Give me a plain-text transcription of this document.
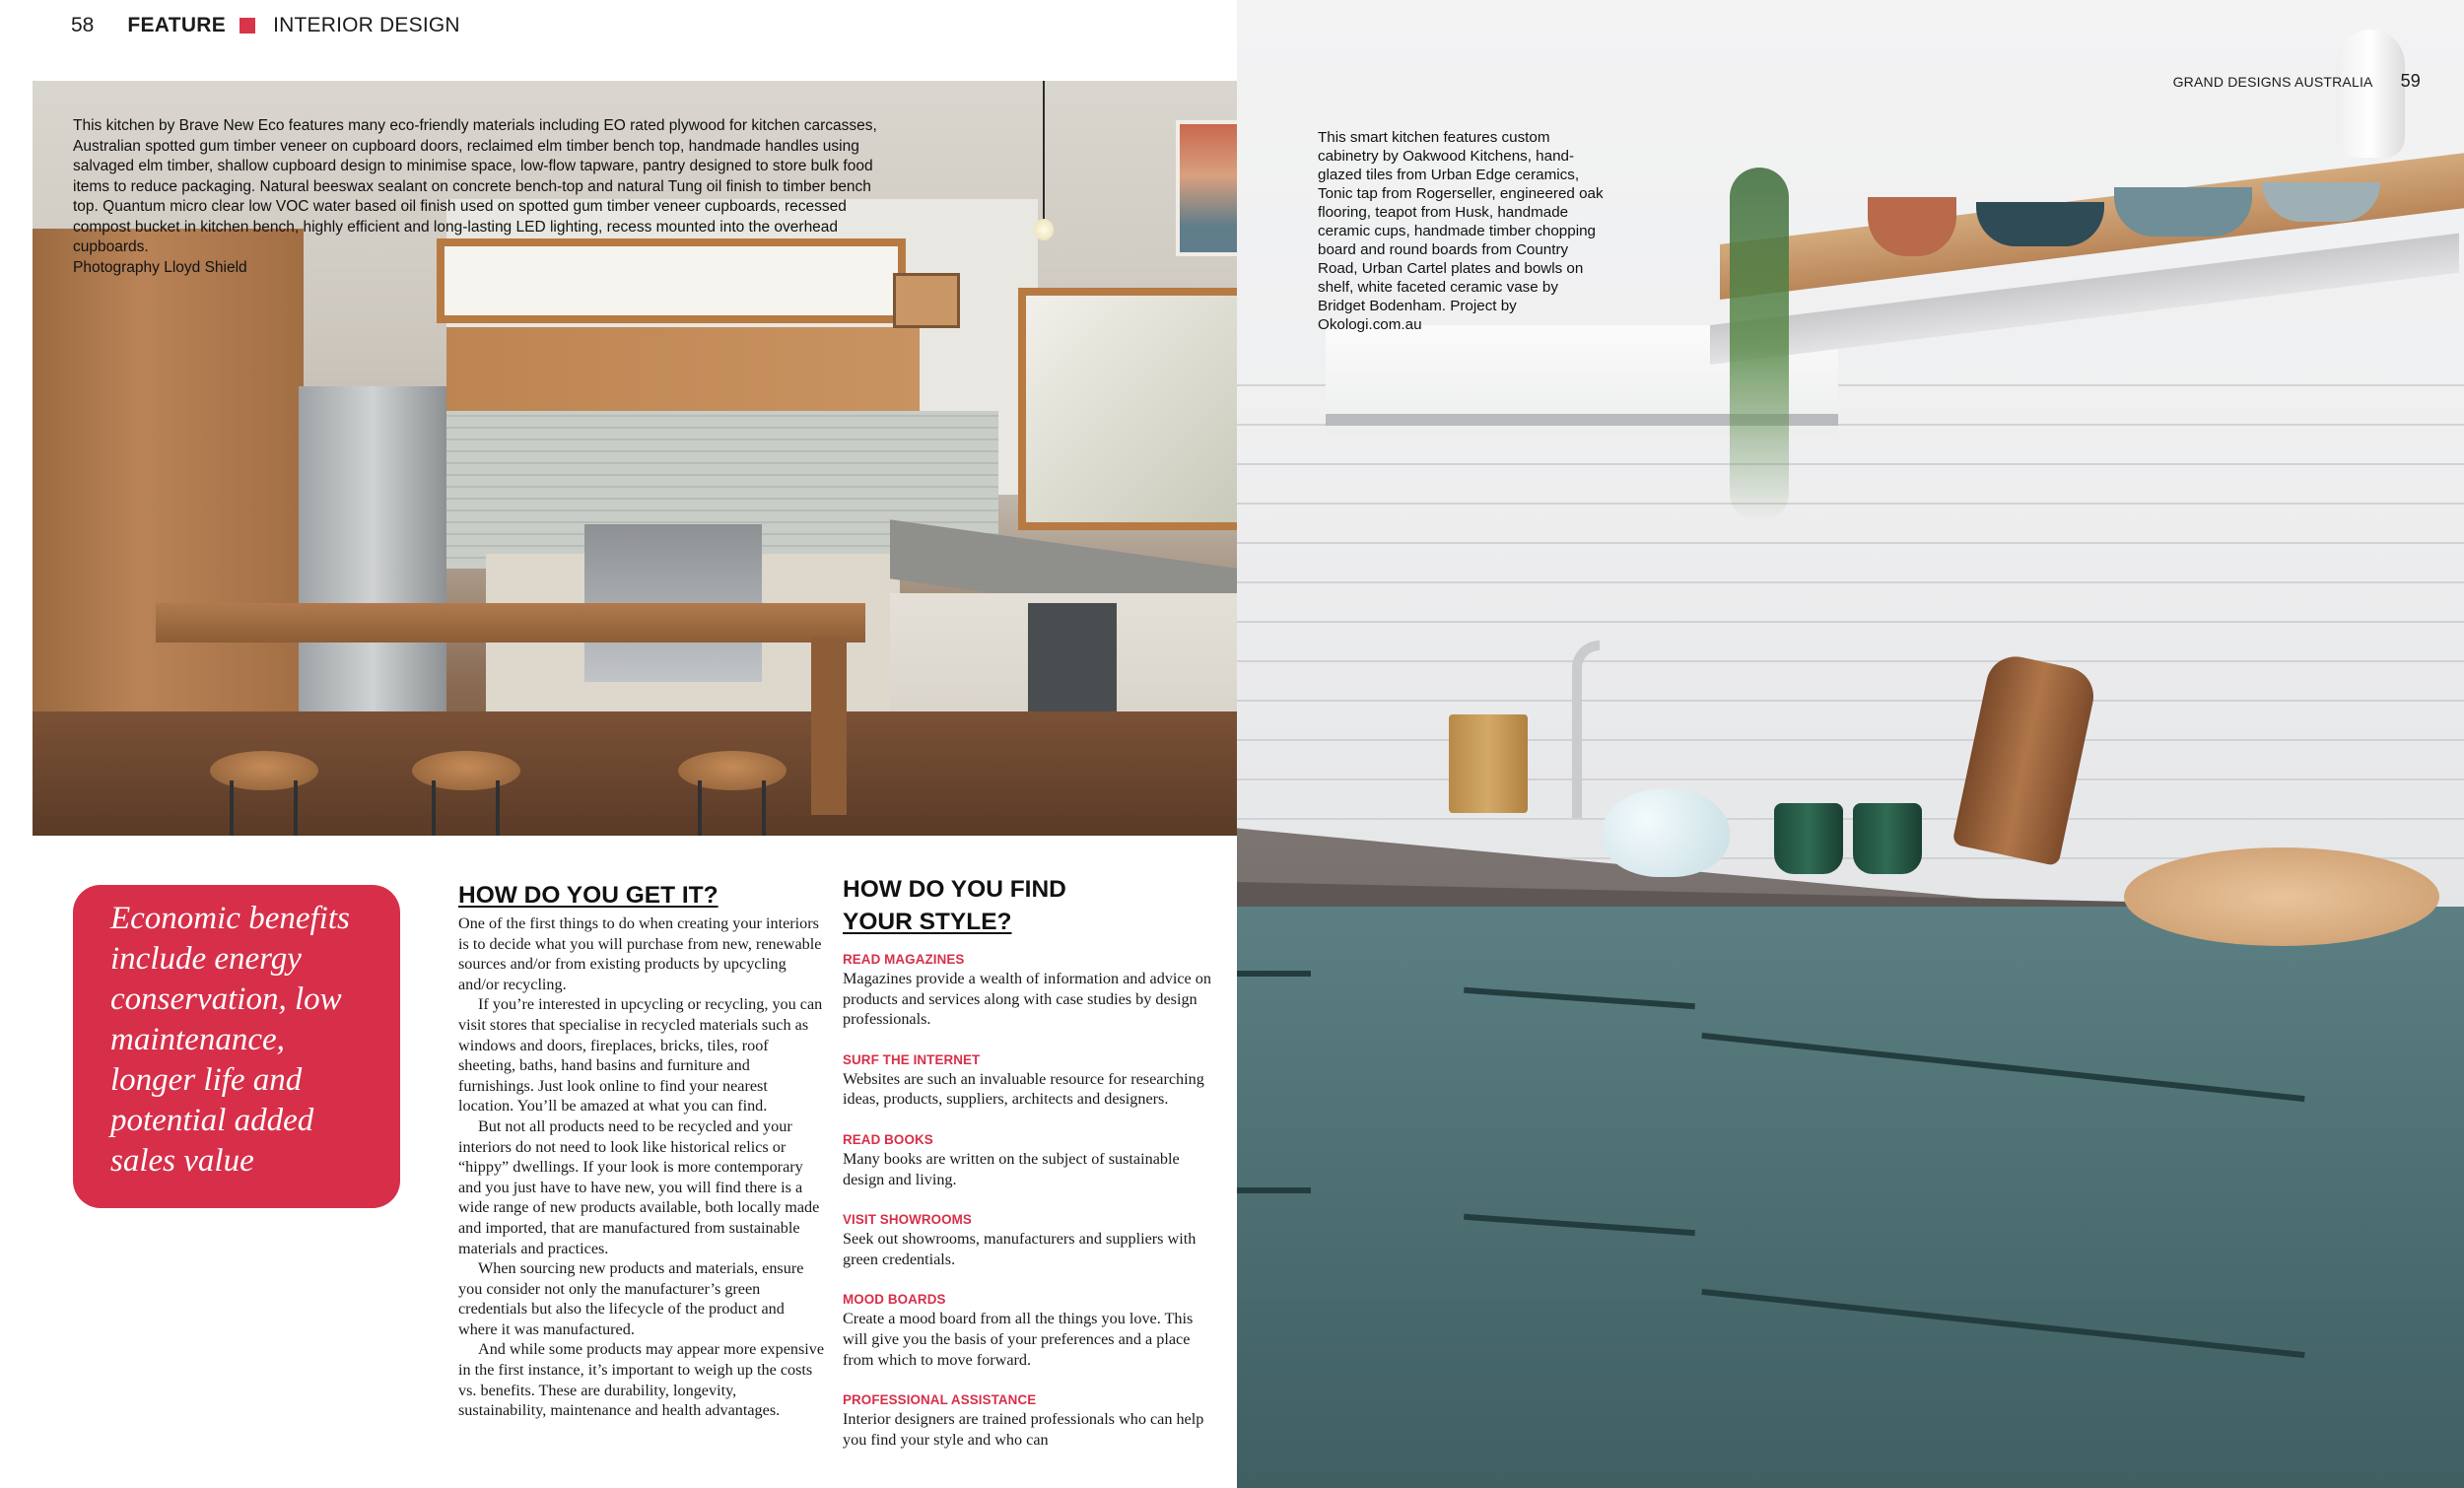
58 FEATURE INTERIOR DESIGN
This kitchen by Brave New Eco features many eco-friendly materials including EO rated plywood for kitchen carcasses, Australian spotted gum timber veneer on cupboard doors, reclaimed elm timber bench top, handmade handles using salvaged elm timber, shallow cupboard design to minimise space, low-flow tapware, pantry designed to store bulk food items to reduce packaging. Natural beeswax sealant on concrete bench-top and natural Tung oil finish to timber bench top. Quantum micro clear low VOC water based oil finish used on spotted gum timber veneer cupboards, recessed compost bucket in kitchen bench, highly efficient and long-lasting LED lighting, recess mounted into the overhead cupboards.
Photography Lloyd Shield
Economic benefits include energy conservation, low maintenance, longer life and potential added sales value
HOW DO YOU GET IT?

One of the first things to do when creating your interiors is to decide what you will purchase from new, renewable sources and/or from existing products by upcycling and/or recycling.

If you’re interested in upcycling or recycling, you can visit stores that specialise in recycled materials such as windows and doors, fireplaces, bricks, tiles, roof sheeting, baths, hand basins and furniture and furnishings. Just look online to find your nearest location. You’ll be amazed at what you can find.

But not all products need to be recycled and your interiors do not need to look like historical relics or “hippy” dwellings. If your look is more contemporary and you just have to have new, you will find there is a wide range of new products available, both locally made and imported, that are manufactured from sustainable materials and practices.

When sourcing new products and materials, ensure you consider not only the manufacturer’s green credentials but also the lifecycle of the product and where it was manufactured.

And while some products may appear more expensive in the first instance, it’s important to weigh up the costs vs. benefits. These are durability, longevity, sustainability, maintenance and health advantages.

HOW DO YOU FIND
YOUR STYLE?
READ MAGAZINES
Magazines provide a wealth of information and advice on products and services along with case studies by design professionals.
SURF THE INTERNET
Websites are such an invaluable resource for researching ideas, products, suppliers, architects and designers.
READ BOOKS
Many books are written on the subject of sustainable design and living.
VISIT SHOWROOMS
Seek out showrooms, manufacturers and suppliers with green credentials.
MOOD BOARDS
Create a mood board from all the things you love. This will give you the basis of your preferences and a place from which to move forward.
PROFESSIONAL ASSISTANCE
Interior designers are trained professionals who can help you find your style and who can
This smart kitchen features custom cabinetry by Oakwood Kitchens, hand-glazed tiles from Urban Edge ceramics, Tonic tap from Rogerseller, engineered oak flooring, teapot from Husk, handmade ceramic cups, handmade timber chopping board and round boards from Country Road, Urban Cartel plates and bowls on shelf, white faceted ceramic vase by Bridget Bodenham. Project by Okologi.com.au
GRAND DESIGNS AUSTRALIA 59
